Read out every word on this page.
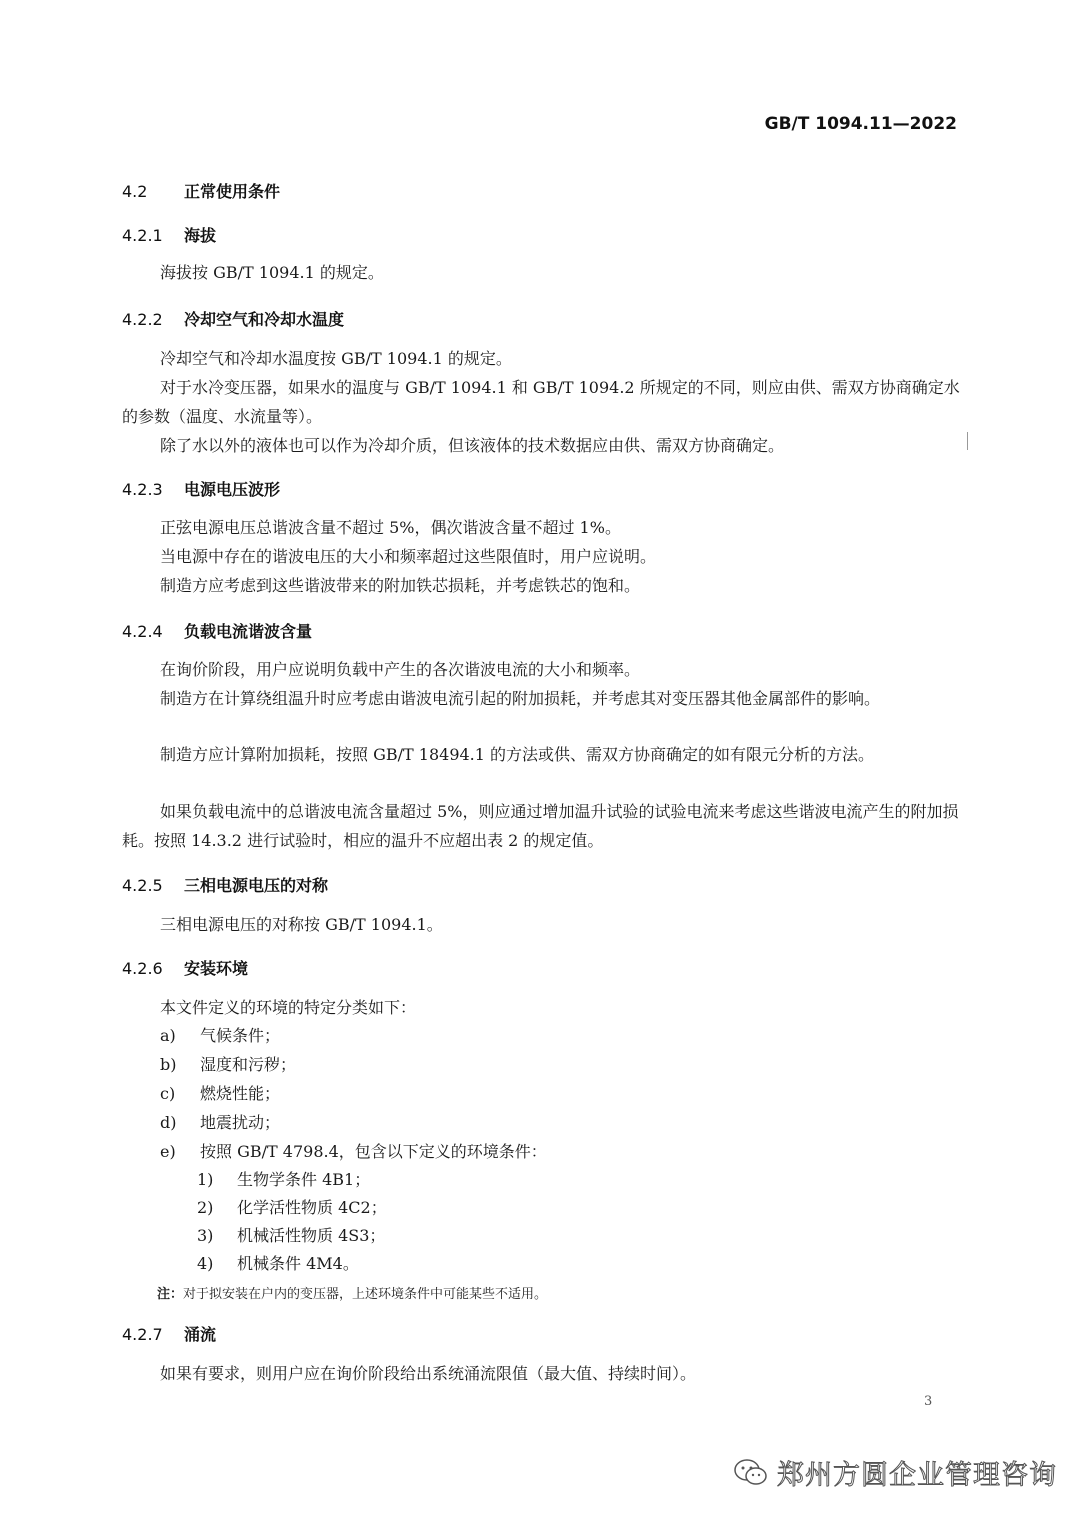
GB/T 1094.11—2022
4.2 正常使用条件
4.2.1 海拔
海拔按 GB/T 1094.1 的规定。
4.2.2 冷却空气和冷却水温度
冷却空气和冷却水温度按 GB/T 1094.1 的规定。
对于水冷变压器，如果水的温度与 GB/T 1094.1 和 GB/T 1094.2 所规定的不同，则应由供、需双方协商确定水的参数（温度、水流量等）。
除了水以外的液体也可以作为冷却介质，但该液体的技术数据应由供、需双方协商确定。
4.2.3 电源电压波形
正弦电源电压总谐波含量不超过 5%，偶次谐波含量不超过 1%。
当电源中存在的谐波电压的大小和频率超过这些限值时，用户应说明。
制造方应考虑到这些谐波带来的附加铁芯损耗，并考虑铁芯的饱和。
4.2.4 负载电流谐波含量
在询价阶段，用户应说明负载中产生的各次谐波电流的大小和频率。
制造方在计算绕组温升时应考虑由谐波电流引起的附加损耗，并考虑其对变压器其他金属部件的影响。
制造方应计算附加损耗，按照 GB/T 18494.1 的方法或供、需双方协商确定的如有限元分析的方法。
如果负载电流中的总谐波电流含量超过 5%，则应通过增加温升试验的试验电流来考虑这些谐波电流产生的附加损耗。按照 14.3.2 进行试验时，相应的温升不应超出表 2 的规定值。
4.2.5 三相电源电压的对称
三相电源电压的对称按 GB/T 1094.1。
4.2.6 安装环境
本文件定义的环境的特定分类如下：
a) 气候条件；
b) 湿度和污秽；
c) 燃烧性能；
d) 地震扰动；
e) 按照 GB/T 4798.4，包含以下定义的环境条件：
1) 生物学条件 4B1；
2) 化学活性物质 4C2；
3) 机械活性物质 4S3；
4) 机械条件 4M4。
注：对于拟安装在户内的变压器，上述环境条件中可能某些不适用。
4.2.7 涌流
如果有要求，则用户应在询价阶段给出系统涌流限值（最大值、持续时间）。
3
郑州方圆企业管理咨询
